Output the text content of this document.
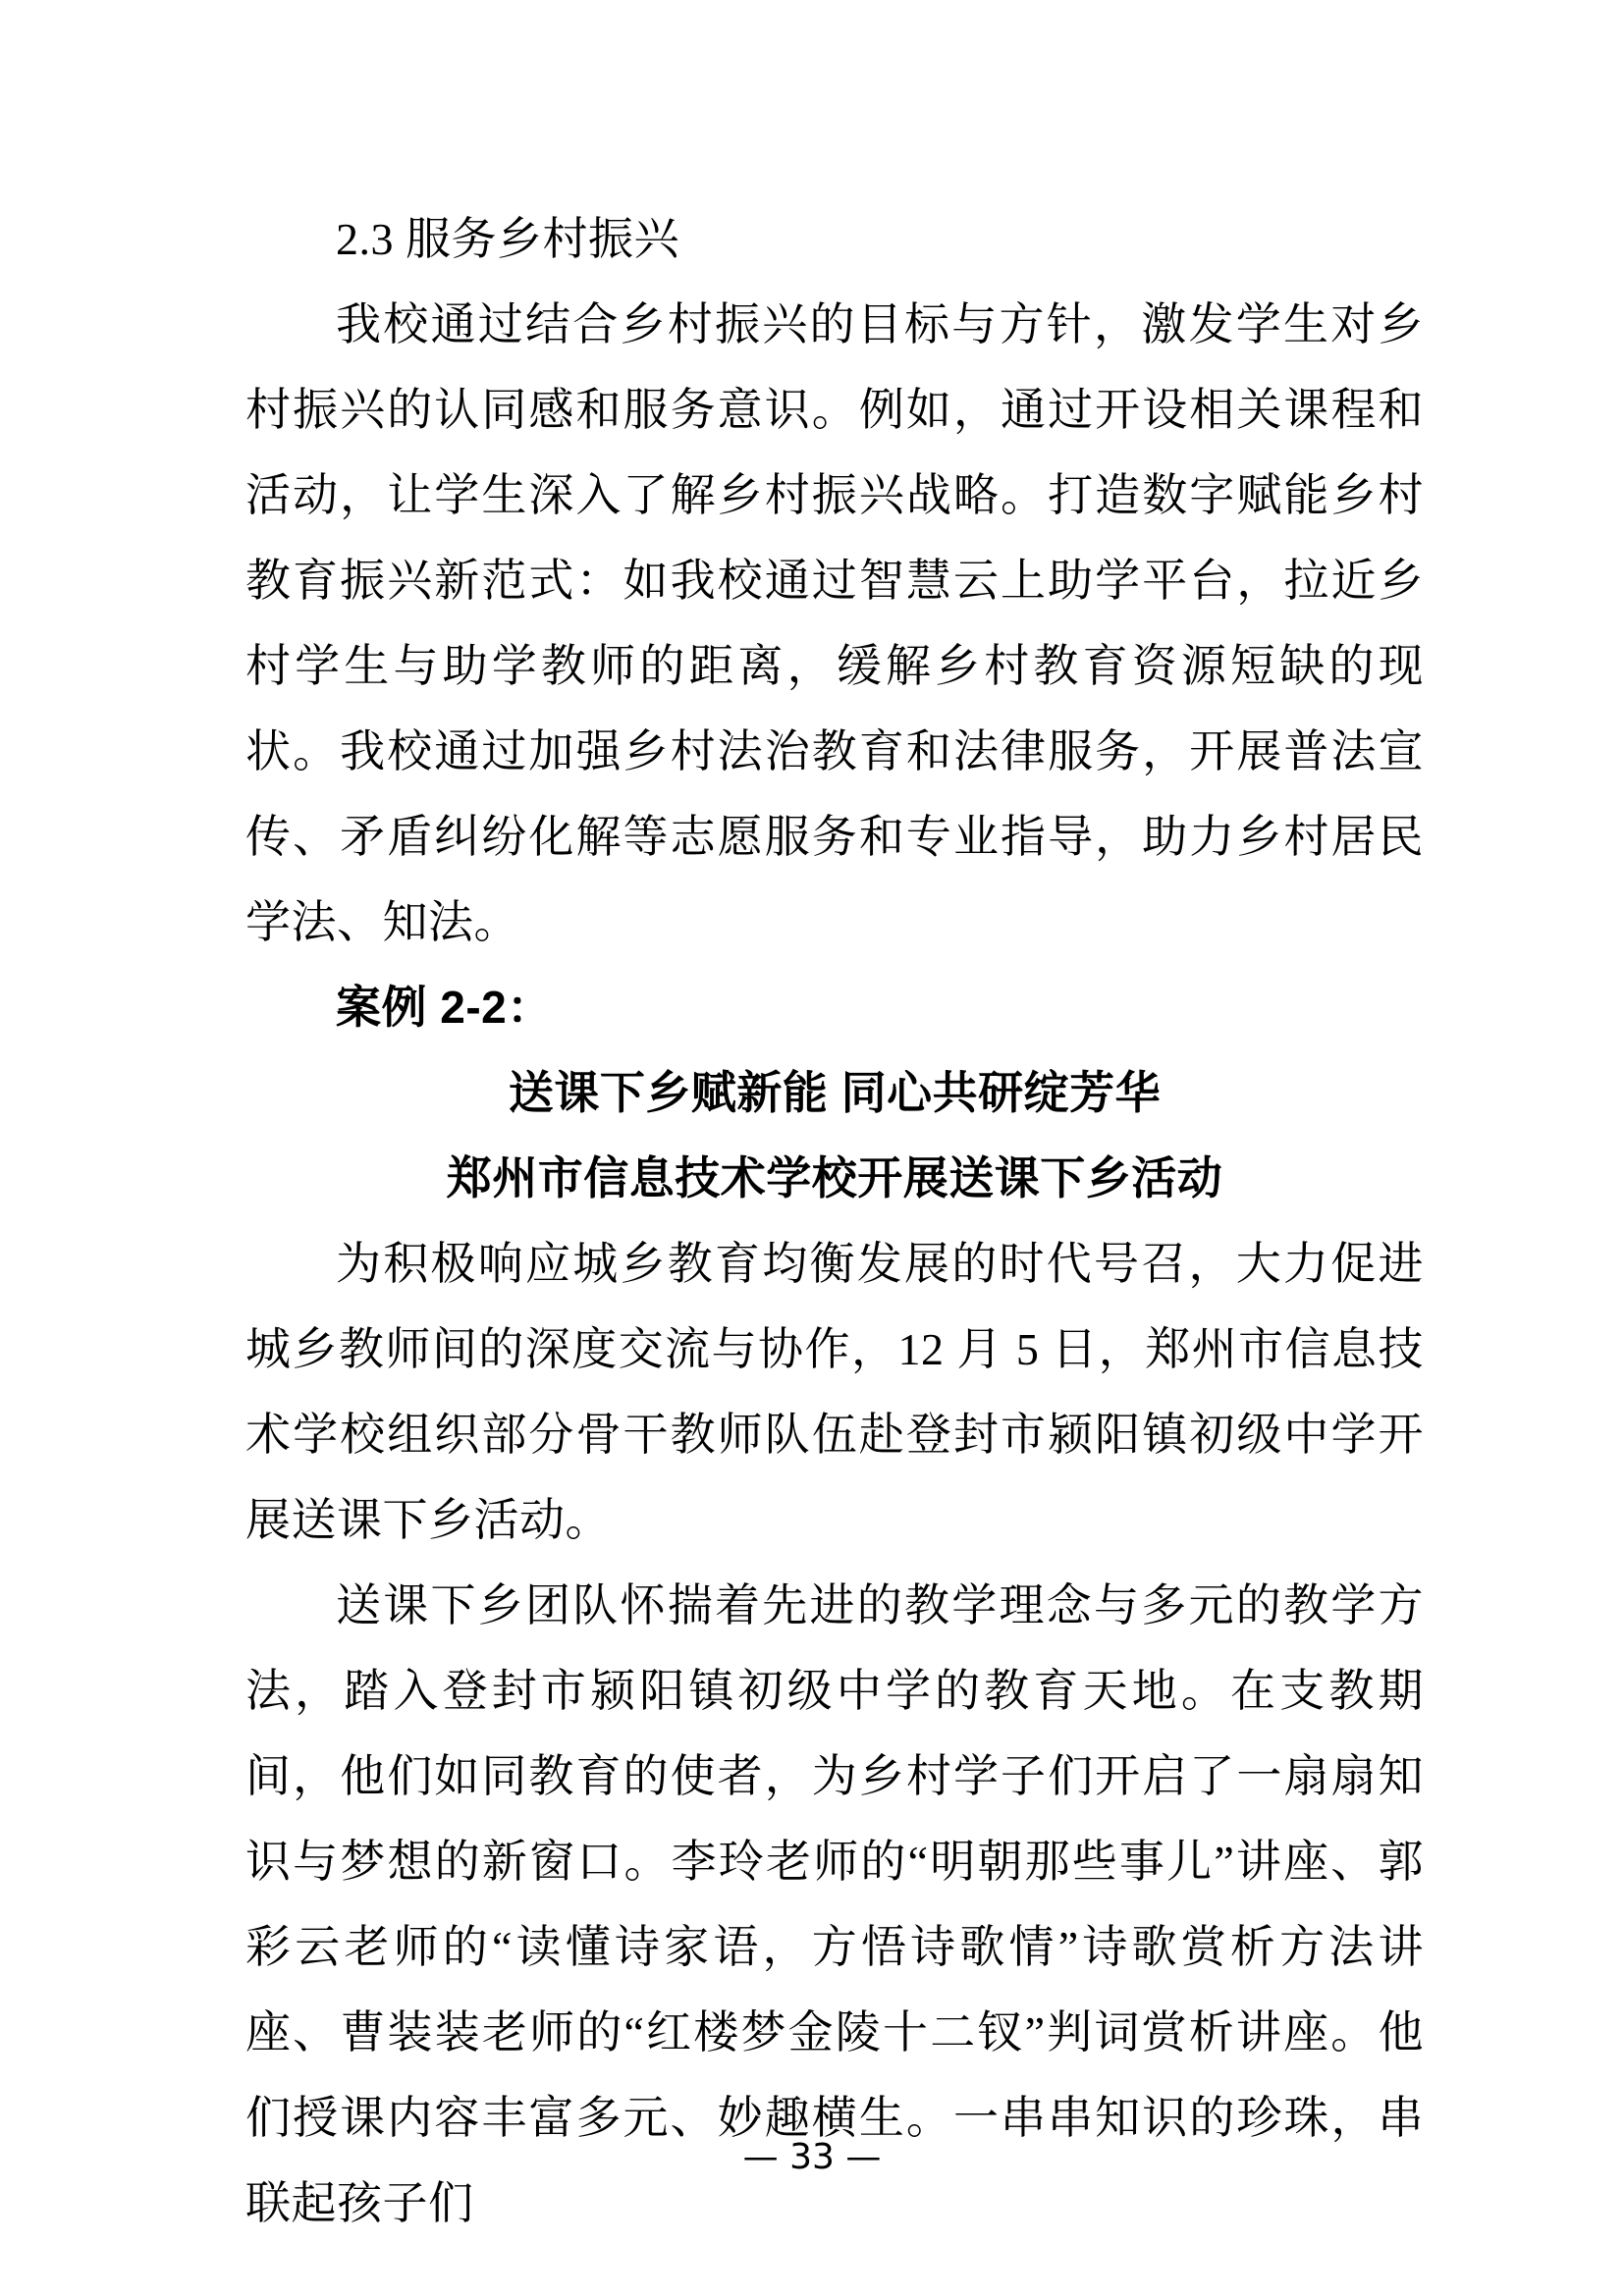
2.3 服务乡村振兴

我校通过结合乡村振兴的目标与方针，激发学生对乡村振兴的认同感和服务意识。例如，通过开设相关课程和活动，让学生深入了解乡村振兴战略。打造数字赋能乡村教育振兴新范式：如我校通过智慧云上助学平台，拉近乡村学生与助学教师的距离，缓解乡村教育资源短缺的现状。我校通过加强乡村法治教育和法律服务，开展普法宣传、矛盾纠纷化解等志愿服务和专业指导，助力乡村居民学法、知法。

案例 2-2：

送课下乡赋新能 同心共研绽芳华

郑州市信息技术学校开展送课下乡活动

为积极响应城乡教育均衡发展的时代号召，大力促进城乡教师间的深度交流与协作，12 月 5 日，郑州市信息技术学校组织部分骨干教师队伍赴登封市颍阳镇初级中学开展送课下乡活动。

送课下乡团队怀揣着先进的教学理念与多元的教学方法，踏入登封市颍阳镇初级中学的教育天地。在支教期间，他们如同教育的使者，为乡村学子们开启了一扇扇知识与梦想的新窗口。李玲老师的“明朝那些事儿”讲座、郭彩云老师的“读懂诗家语，方悟诗歌情”诗歌赏析方法讲座、曹装装老师的“红楼梦金陵十二钗”判词赏析讲座。他们授课内容丰富多元、妙趣横生。一串串知识的珍珠，串联起孩子们

— 33 —
